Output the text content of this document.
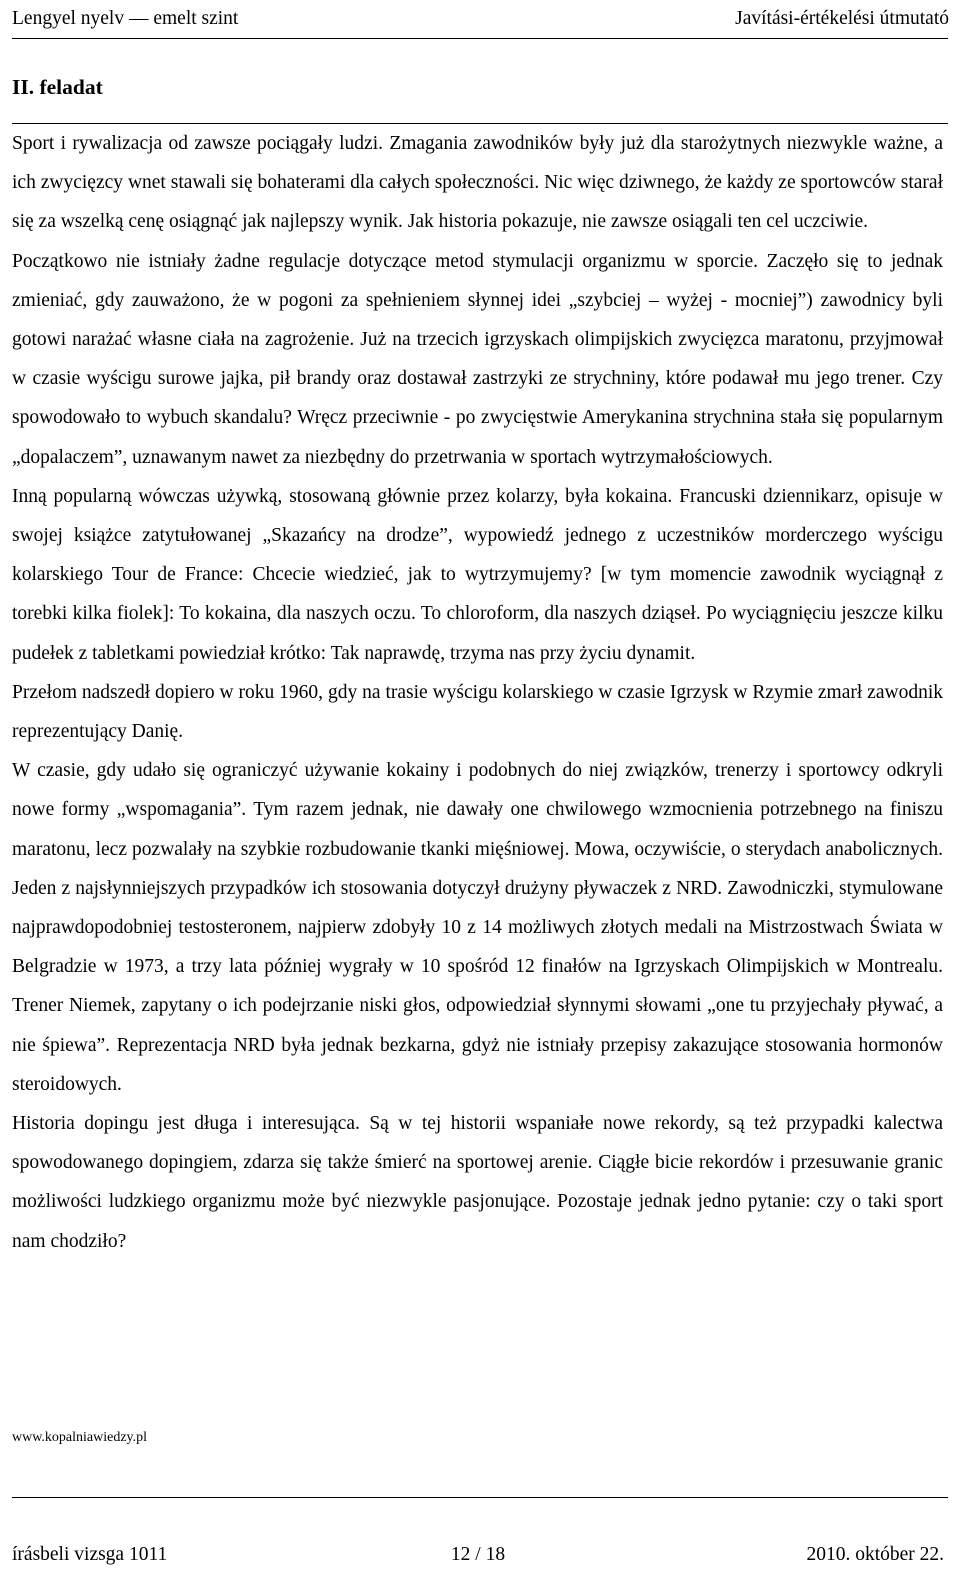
Lengyel nyelv — emelt szint	Javítási-értékelési útmutató
II. feladat

Sport i rywalizacja od zawsze pociągały ludzi. Zmagania zawodników były już dla starożytnych niezwykle ważne, a ich zwycięzcy wnet stawali się bohaterami dla całych społeczności. Nic więc dziwnego, że każdy ze sportowców starał się za wszelką cenę osiągnąć jak najlepszy wynik. Jak historia pokazuje, nie zawsze osiągali ten cel uczciwie.

Początkowo nie istniały żadne regulacje dotyczące metod stymulacji organizmu w sporcie. Zaczęło się to jednak zmieniać, gdy zauważono, że w pogoni za spełnieniem słynnej idei „szybciej – wyżej - mocniej”) zawodnicy byli gotowi narażać własne ciała na zagrożenie. Już na trzecich igrzyskach olimpijskich zwycięzca maratonu, przyjmował w czasie wyścigu surowe jajka, pił brandy oraz dostawał zastrzyki ze strychniny, które podawał mu jego trener. Czy spowodowało to wybuch skandalu? Wręcz przeciwnie - po zwycięstwie Amerykanina strychnina stała się popularnym „dopalaczem”, uznawanym nawet za niezbędny do przetrwania w sportach wytrzymałościowych.

Inną popularną wówczas używką, stosowaną głównie przez kolarzy, była kokaina. Francuski dziennikarz, opisuje w swojej książce zatytułowanej „Skazańcy na drodze”, wypowiedź jednego z uczestników morderczego wyścigu kolarskiego Tour de France: Chcecie wiedzieć, jak to wytrzymujemy? [w tym momencie zawodnik wyciągnął z torebki kilka fiolek]: To kokaina, dla naszych oczu. To chloroform, dla naszych dziąseł. Po wyciągnięciu jeszcze kilku pudełek z tabletkami powiedział krótko: Tak naprawdę, trzyma nas przy życiu dynamit.

Przełom nadszedł dopiero w roku 1960, gdy na trasie wyścigu kolarskiego w czasie Igrzysk w Rzymie zmarł zawodnik reprezentujący Danię.

W czasie, gdy udało się ograniczyć używanie kokainy i podobnych do niej związków, trenerzy i sportowcy odkryli nowe formy „wspomagania”. Tym razem jednak, nie dawały one chwilowego wzmocnienia potrzebnego na finiszu maratonu, lecz pozwalały na szybkie rozbudowanie tkanki mięśniowej. Mowa, oczywiście, o sterydach anabolicznych. Jeden z najsłynniejszych przypadków ich stosowania dotyczył drużyny pływaczek z NRD. Zawodniczki, stymulowane najprawdopodobniej testosteronem, najpierw zdobyły 10 z 14 możliwych złotych medali na Mistrzostwach Świata w Belgradzie w 1973, a trzy lata później wygrały w 10 spośród 12 finałów na Igrzyskach Olimpijskich w Montrealu. Trener Niemek, zapytany o ich podejrzanie niski głos, odpowiedział słynnymi słowami „one tu przyjechały pływać, a nie śpiewa”. Reprezentacja NRD była jednak bezkarna, gdyż nie istniały przepisy zakazujące stosowania hormonów steroidowych.

Historia dopingu jest długa i interesująca. Są w tej historii wspaniałe nowe rekordy, są też przypadki kalectwa spowodowanego dopingiem, zdarza się także śmierć na sportowej arenie. Ciągłe bicie rekordów i przesuwanie granic możliwości ludzkiego organizmu może być niezwykle pasjonujące. Pozostaje jednak jedno pytanie: czy o taki sport nam chodziło?

www.kopalniawiedzy.pl
írásbeli vizsga 1011	12 / 18	2010. október 22.
